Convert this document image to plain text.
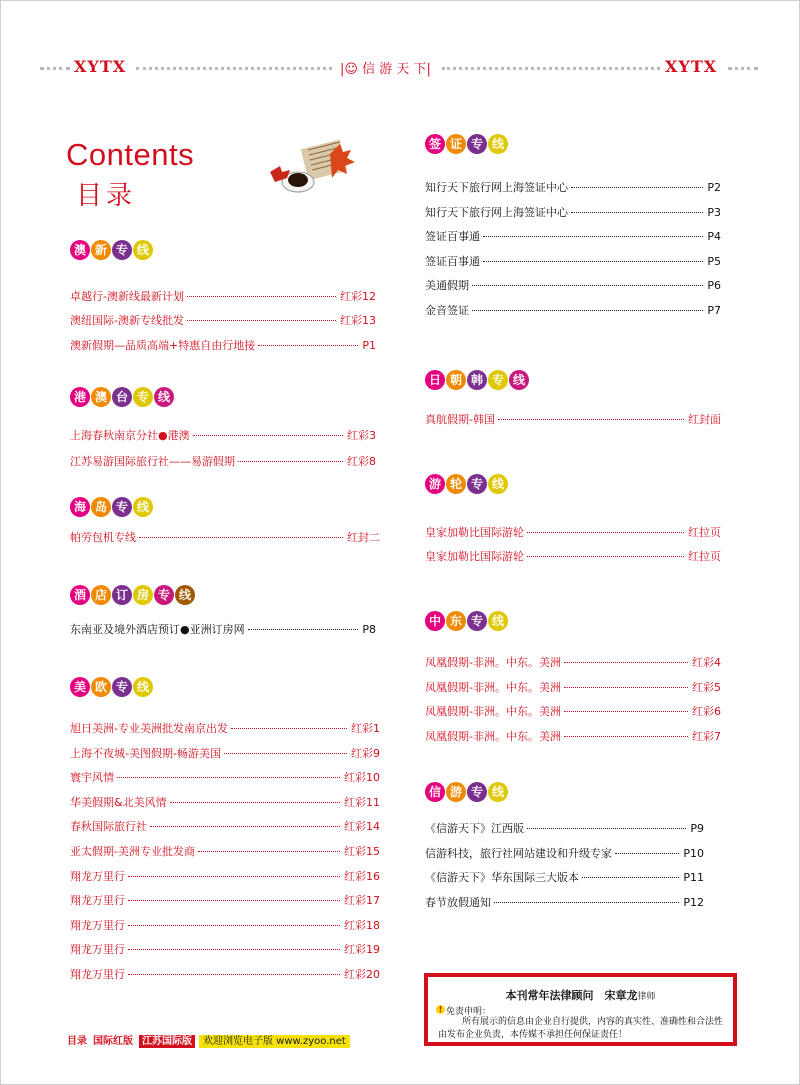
XYTX	|☺ 信 游 天 下|	XYTX
Contents
目录
澳 新 专 线
卓越行-澳新线最新计划	红彩12
澳纽国际-澳新专线批发	红彩13
澳新假期—品质高端+特惠自由行地接	P1
港 澳 台 专 线
上海春秋南京分社●港澳	红彩3
江苏易游国际旅行社——易游假期	红彩8
海 岛 专 线
帕劳包机专线	红封二
酒 店 订 房 专 线
东南亚及境外酒店预订●亚洲订房网	P8
美 欧 专 线
旭日美洲-专业美洲批发南京出发	红彩1
上海不夜城-美图假期-畅游美国	红彩9
寰宇风情	红彩10
华美假期&北美风情	红彩11
春秋国际旅行社	红彩14
亚太假期-美洲专业批发商	红彩15
翔龙万里行	红彩16
翔龙万里行	红彩17
翔龙万里行	红彩18
翔龙万里行	红彩19
翔龙万里行	红彩20
签 证 专 线
知行天下旅行网上海签证中心	P2
知行天下旅行网上海签证中心	P3
签证百事通	P4
签证百事通	P5
美通假期	P6
金音签证	P7
日 朝 韩 专 线
真航假期-韩国	红封面
游 轮 专 线
皇家加勒比国际游轮	红拉页
皇家加勒比国际游轮	红拉页
中 东 专 线
凤凰假期-非洲。中东。美洲	红彩4
凤凰假期-非洲。中东。美洲	红彩5
凤凰假期-非洲。中东。美洲	红彩6
凤凰假期-非洲。中东。美洲	红彩7
信 游 专 线
《信游天下》江西版	P9
信游科技，旅行社网站建设和升级专家	P10
《信游天下》华东国际三大版本	P11
春节放假通知	P12
本刊常年法律顾问　宋章龙律师
! 免责申明：
所有展示的信息由企业自行提供，内容的真实性、准确性和合法性由发布企业负责，本传媒不承担任何保证责任！
目录 国际红版 江苏国际版 欢迎浏览电子版 www.zyoo.net
